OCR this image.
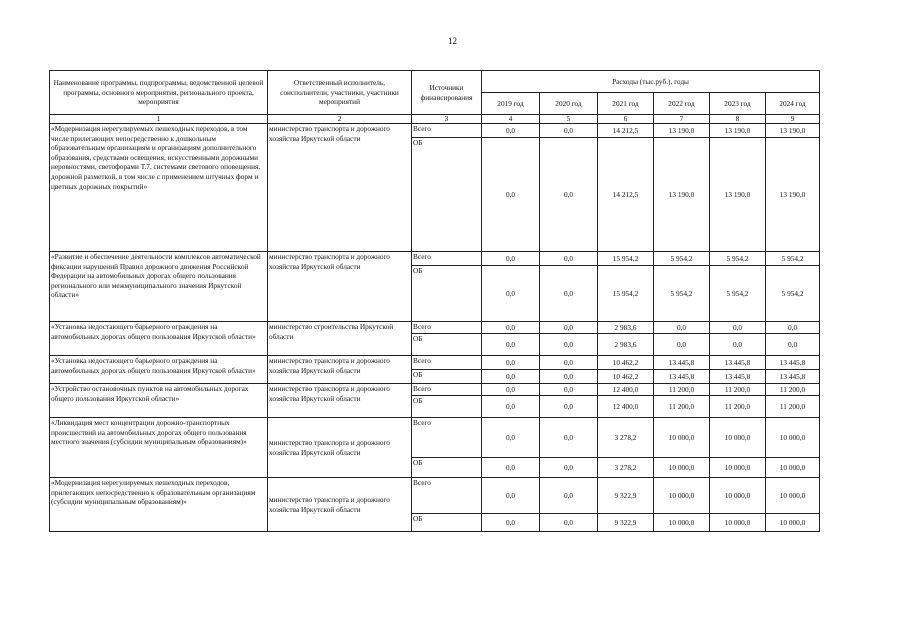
12
Наименование программы, подпрограммы, ведомственной целевой программы, основного мероприятия, регионального проекта, мероприятия	Ответственный исполнитель, соисполнители, участники, участники мероприятий	Источники финансирования	Расходы (тыс.руб.), годы					
			2019 год	2020 год	2021 год	2022 год	2023 год	2024 год
1	2	3	4	5	6	7	8	9
«Модернизация нерегулируемых пешеходных переходов, в том числе прилегающих непосредственно к дошкольным образовательным организациям и организациям дополнительного образования, средствами освещения, искусственными дорожными неровностями, светофорами Т.7, системами светового оповещения, дорожной разметкой, в том числе с применением штучных форм и цветных дорожных покрытий»	министерство транспорта и дорожного хозяйства Иркутской области	Всего	0,0	0,0	14 212,5	13 190,0	13 190,0	13 190,0
		ОБ	0,0	0,0	14 212,5	13 190,0	13 190,0	13 190,0
«Развитие и обеспечение деятельности комплексов автоматической фиксации нарушений Правил дорожного движения Российской Федерации на автомобильных дорогах общего пользования регионального или межмуниципального значения Иркутской области»	министерство транспорта и дорожного хозяйства Иркутской области	Всего	0,0	0,0	15 954,2	5 954,2	5 954,2	5 954,2
		ОБ	0,0	0,0	15 954,2	5 954,2	5 954,2	5 954,2
«Установка недостающего барьерного ограждения на автомобильных дорогах общего пользования Иркутской области»	министерство строительства Иркутской области	Всего	0,0	0,0	2 983,6	0,0	0,0	0,0
		ОБ	0,0	0,0	2 983,6	0,0	0,0	0,0
«Установка недостающего барьерного ограждения на автомобильных дорогах общего пользования Иркутской области»	министерство транспорта и дорожного хозяйства Иркутской области	Всего	0,0	0,0	10 462,2	13 445,8	13 445,8	13 445,8
		ОБ	0,0	0,0	10 462,2	13 445,8	13 445,8	13 445,8
«Устройство остановочных пунктов на автомобильных дорогах общего пользования Иркутской области»	министерство транспорта и дорожного хозяйства Иркутской области	Всего	0,0	0,0	12 400,0	11 200,0	11 200,0	11 200,0
		ОБ	0,0	0,0	12 400,0	11 200,0	11 200,0	11 200,0
«Ликвидация мест концентрации дорожно-транспортных происшествий на автомобильных дорогах общего пользования местного значения (субсидии муниципальным образованиям)»	министерство транспорта и дорожного хозяйства Иркутской области	Всего	0,0	0,0	3 278,2	10 000,0	10 000,0	10 000,0
		ОБ	0,0	0,0	3 278,2	10 000,0	10 000,0	10 000,0
«Модернизация нерегулируемых пешеходных переходов, прилегающих непосредственно к образовательным организациям (субсидии муниципальным образованиям)»	министерство транспорта и дорожного хозяйства Иркутской области	Всего	0,0	0,0	9 322,9	10 000,0	10 000,0	10 000,0
		ОБ	0,0	0,0	9 322,9	10 000,0	10 000,0	10 000,0
